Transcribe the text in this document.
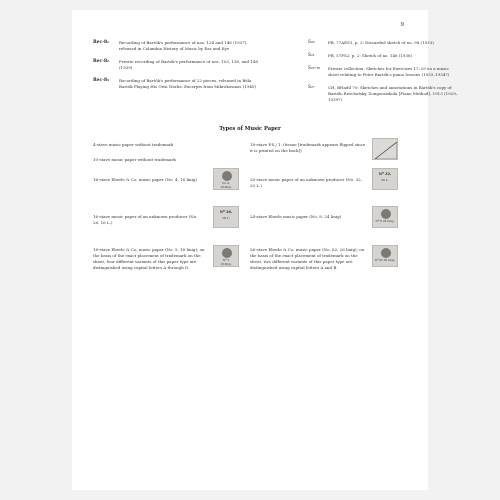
9
Rec-8₁	Recording of Bartók's performance of nos. 124 and 146 (1937), released in Columbia History of Music by Ear and Eye
Rec-8₂	Private recording of Bartók's performance of nos. 103, 138, and 148 (1939)
Rec-8₃	Recording of Bartók's performance of 22 pieces, released in Béla Bartók Playing His Own Works: Excerpts from Mikrokosmos (1940)
S₂₀	PB, 77AES1, p. 3: Discarded sketch of no. 98 (1933)
S₂₁	PB, 57PS2, p. 2: Sketch of no. 146 (1936)
S₂₂–₂₆	Private collection: Sketches for Exercises 17–29 on a music sheet relating to Peter Bartók's piano lessons (1933–1934?)
S₂₇	CH, BHadd 70: Sketches and annotations in Bartók's copy of Bartók–Reschofsky, Zongoraiskola [Piano Method], 1913 (1929–1939?)
Types of Music Paper
4-stave music paper without trademark
10-stave music paper without trademark
16-stave Eberle & Co. music paper (No. 4, 16 linig)
No 4.
16 linig.
16-stave music paper of an unknown producer (No. 26, 16 L.)
Nº 26.
16 L.
18-stave Eberle & Co. music paper (No. 5, 18 linig); on the basis of the exact placement of trademark on the sheet, four different variants of this paper type are distinguished using capital letters A through D.
Nº 5
18 linig.
18-stave P.S./ 1. (tissue [trademark appears flipped since it is printed on the back])
20-stave music paper of an unknown producer (No. 32, 20 L.)
Nº 32.
20 L.
24-stave Eberle music paper (No. 8, 24 linig)
Nº 8 24 linig.
26-stave Eberle & Co. music paper (No. 82, 26 linig); on the basis of the exact placement of trademark on the sheet, two different variants of this paper type are distinguished using capital letters A and B.
Nº 82 26 linig.
